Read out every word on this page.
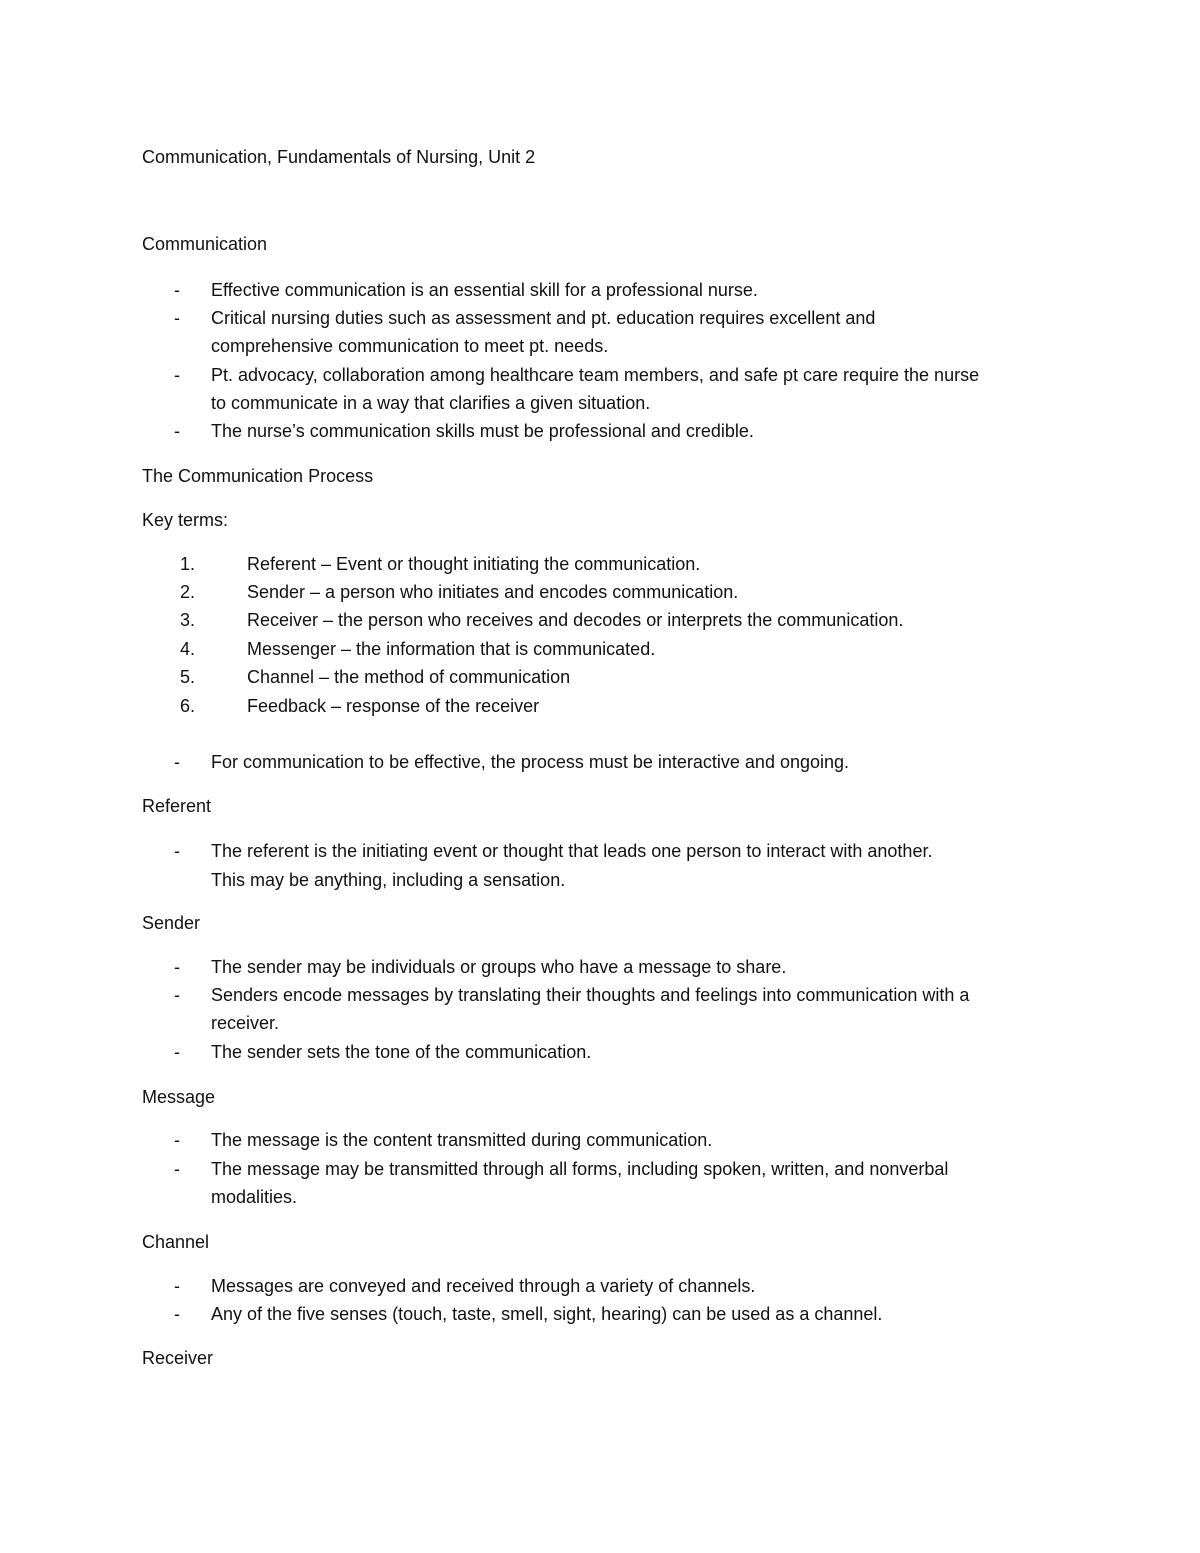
Communication, Fundamentals of Nursing, Unit 2
Communication
- Effective communication is an essential skill for a professional nurse.
- Critical nursing duties such as assessment and pt. education requires excellent and
comprehensive communication to meet pt. needs.
- Pt. advocacy, collaboration among healthcare team members, and safe pt care require the nurse
to communicate in a way that clarifies a given situation.
- The nurse’s communication skills must be professional and credible.
The Communication Process
Key terms:
1.	Referent – Event or thought initiating the communication.
2.	Sender – a person who initiates and encodes communication.
3.	Receiver – the person who receives and decodes or interprets the communication.
4.	Messenger – the information that is communicated.
5.	Channel – the method of communication
6.	Feedback – response of the receiver
- For communication to be effective, the process must be interactive and ongoing.
Referent
- The referent is the initiating event or thought that leads one person to interact with another.
This may be anything, including a sensation.
Sender
- The sender may be individuals or groups who have a message to share.
- Senders encode messages by translating their thoughts and feelings into communication with a
receiver.
- The sender sets the tone of the communication.
Message
- The message is the content transmitted during communication.
- The message may be transmitted through all forms, including spoken, written, and nonverbal
modalities.
Channel
- Messages are conveyed and received through a variety of channels.
- Any of the five senses (touch, taste, smell, sight, hearing) can be used as a channel.
Receiver
